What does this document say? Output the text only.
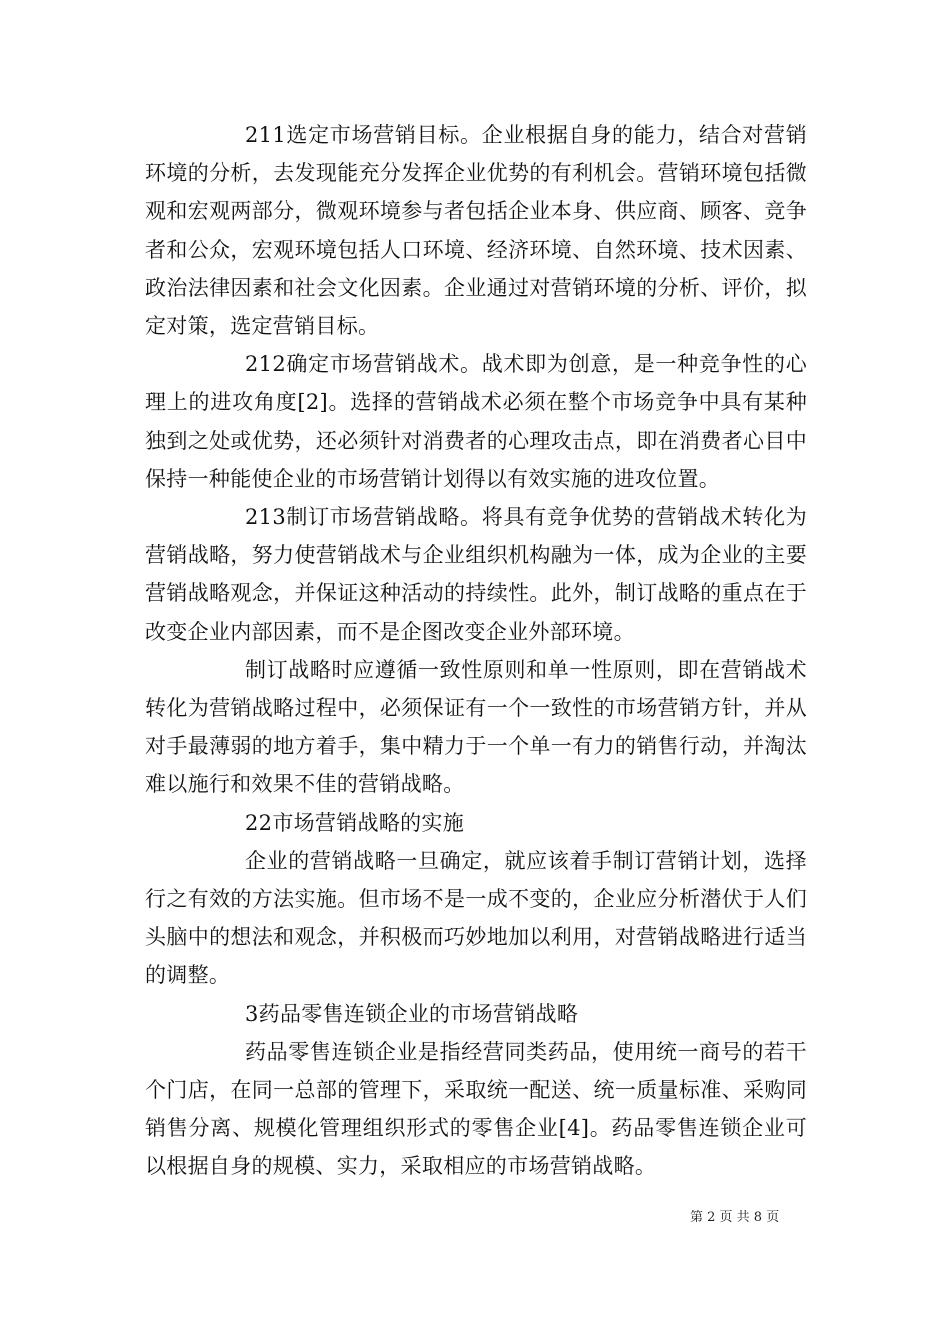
211选定市场营销目标。企业根据自身的能力，结合对营销环境的分析，去发现能充分发挥企业优势的有利机会。营销环境包括微观和宏观两部分，微观环境参与者包括企业本身、供应商、顾客、竞争者和公众，宏观环境包括人口环境、经济环境、自然环境、技术因素、政治法律因素和社会文化因素。企业通过对营销环境的分析、评价，拟定对策，选定营销目标。

212确定市场营销战术。战术即为创意，是一种竞争性的心理上的进攻角度[2]。选择的营销战术必须在整个市场竞争中具有某种独到之处或优势，还必须针对消费者的心理攻击点，即在消费者心目中保持一种能使企业的市场营销计划得以有效实施的进攻位置。

213制订市场营销战略。将具有竞争优势的营销战术转化为营销战略，努力使营销战术与企业组织机构融为一体，成为企业的主要营销战略观念，并保证这种活动的持续性。此外，制订战略的重点在于改变企业内部因素，而不是企图改变企业外部环境。

制订战略时应遵循一致性原则和单一性原则，即在营销战术转化为营销战略过程中，必须保证有一个一致性的市场营销方针，并从对手最薄弱的地方着手，集中精力于一个单一有力的销售行动，并淘汰难以施行和效果不佳的营销战略。

22市场营销战略的实施

企业的营销战略一旦确定，就应该着手制订营销计划，选择行之有效的方法实施。但市场不是一成不变的，企业应分析潜伏于人们头脑中的想法和观念，并积极而巧妙地加以利用，对营销战略进行适当的调整。

3药品零售连锁企业的市场营销战略

药品零售连锁企业是指经营同类药品，使用统一商号的若干个门店，在同一总部的管理下，采取统一配送、统一质量标准、采购同销售分离、规模化管理组织形式的零售企业[4]。药品零售连锁企业可以根据自身的规模、实力，采取相应的市场营销战略。

第 2 页 共 8 页
